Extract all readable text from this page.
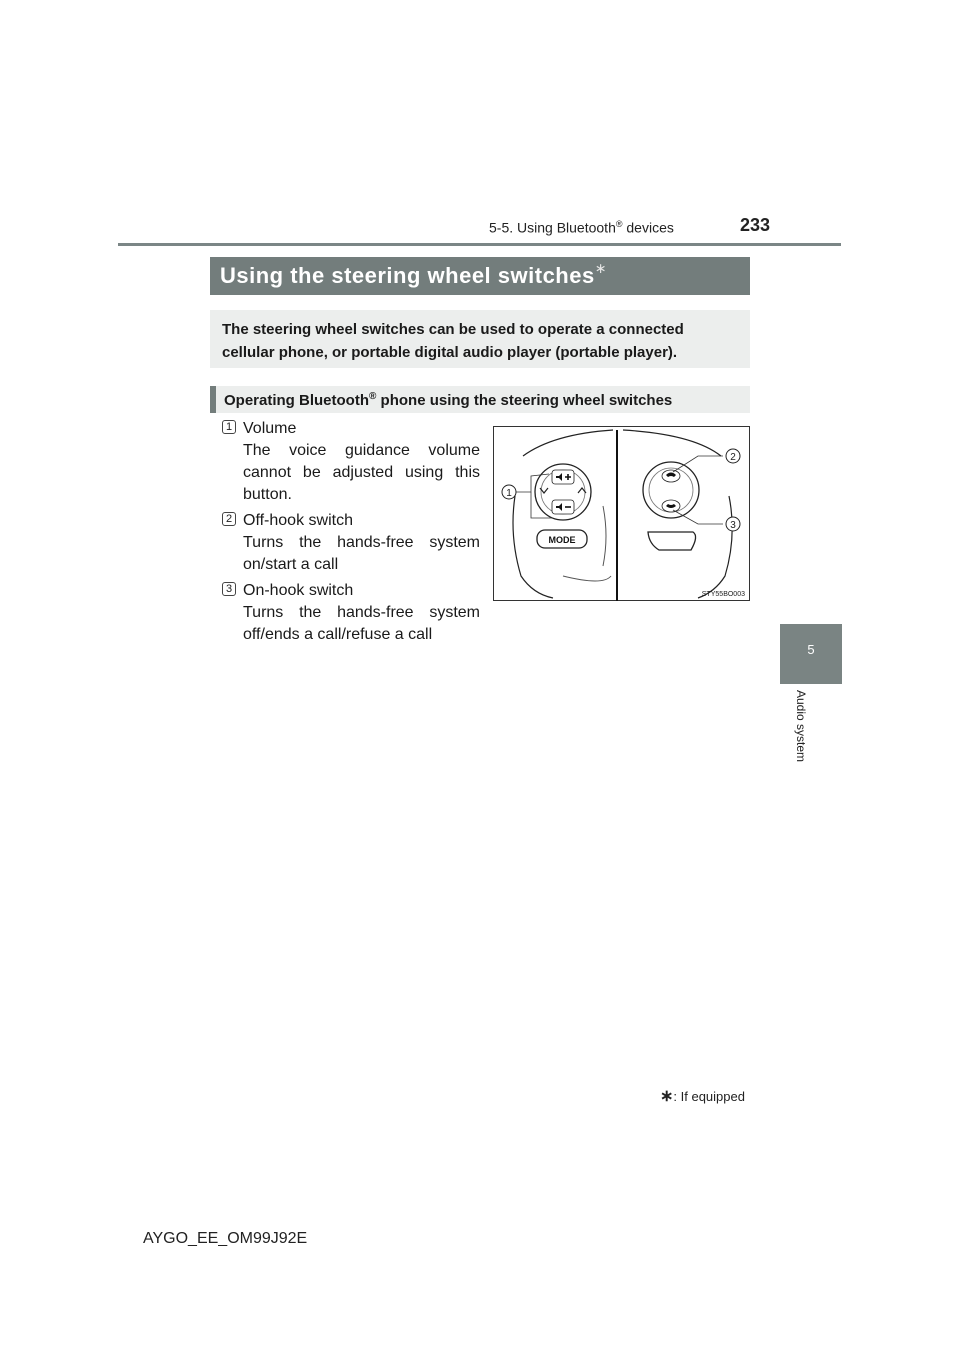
5-5. Using Bluetooth® devices	233
5
Audio system
Using the steering wheel switches∗
The steering wheel switches can be used to operate a connected cellular phone, or portable digital audio player (portable player).
Operating Bluetooth® phone using the steering wheel switches
1 Volume
The voice guidance volume cannot be adjusted using this button.
2 Off-hook switch
Turns the hands-free system on/start a call
3 On-hook switch
Turns the hands-free system off/ends a call/refuse a call
MODE
1
2
3
STY55BO003
∗: If equipped
AYGO_EE_OM99J92E
